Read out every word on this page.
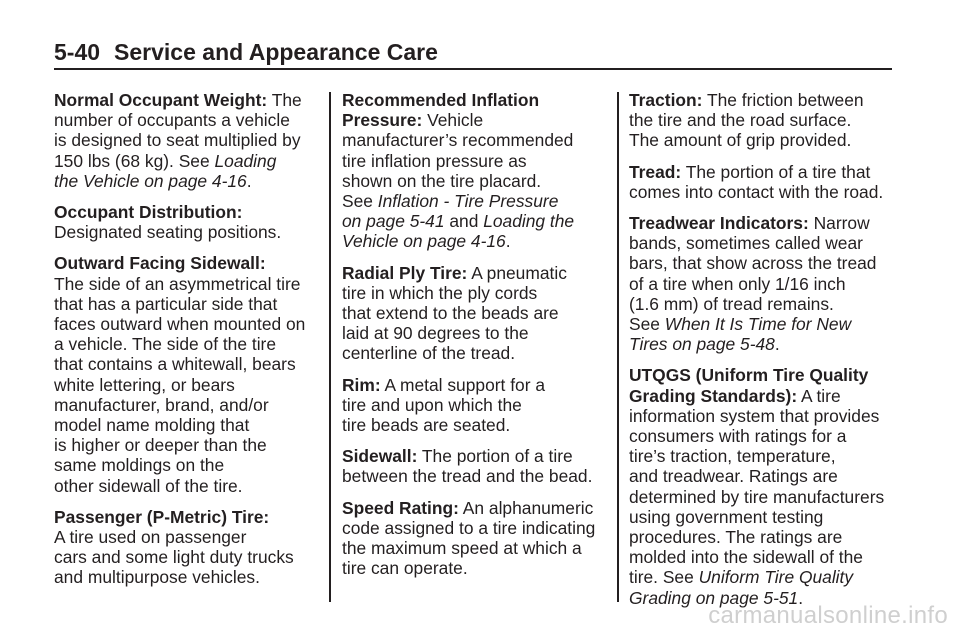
5-40 Service and Appearance Care
Normal Occupant Weight: The
number of occupants a vehicle
is designed to seat multiplied by
150 lbs (68 kg). See Loading
the Vehicle on page 4-16.
Occupant Distribution:
Designated seating positions.
Outward Facing Sidewall:
The side of an asymmetrical tire
that has a particular side that
faces outward when mounted on
a vehicle. The side of the tire
that contains a whitewall, bears
white lettering, or bears
manufacturer, brand, and/or
model name molding that
is higher or deeper than the
same moldings on the
other sidewall of the tire.
Passenger (P-Metric) Tire:
A tire used on passenger
cars and some light duty trucks
and multipurpose vehicles.
Recommended Inflation
Pressure: Vehicle
manufacturer’s recommended
tire inflation pressure as
shown on the tire placard.
See Inflation - Tire Pressure
on page 5-41 and Loading the
Vehicle on page 4-16.
Radial Ply Tire: A pneumatic
tire in which the ply cords
that extend to the beads are
laid at 90 degrees to the
centerline of the tread.
Rim: A metal support for a
tire and upon which the
tire beads are seated.
Sidewall: The portion of a tire
between the tread and the bead.
Speed Rating: An alphanumeric
code assigned to a tire indicating
the maximum speed at which a
tire can operate.
Traction: The friction between
the tire and the road surface.
The amount of grip provided.
Tread: The portion of a tire that
comes into contact with the road.
Treadwear Indicators: Narrow
bands, sometimes called wear
bars, that show across the tread
of a tire when only 1/16 inch
(1.6 mm) of tread remains.
See When It Is Time for New
Tires on page 5-48.
UTQGS (Uniform Tire Quality
Grading Standards): A tire
information system that provides
consumers with ratings for a
tire’s traction, temperature,
and treadwear. Ratings are
determined by tire manufacturers
using government testing
procedures. The ratings are
molded into the sidewall of the
tire. See Uniform Tire Quality
Grading on page 5-51.
carmanualsonline.info
